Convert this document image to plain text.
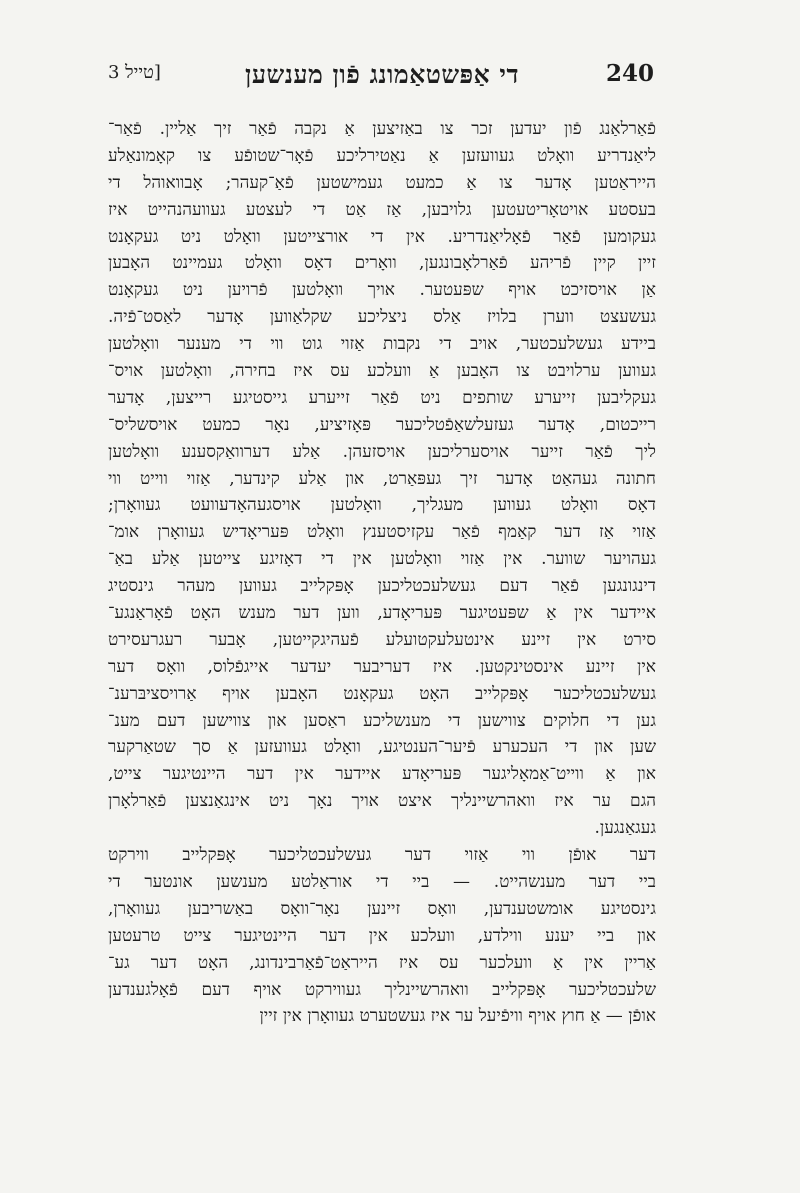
240
די אַפּשטאַמונג פֿון מענשען
[טייל 3
פֿאַרלאַנג פֿון יעדען זכר צו באַזיצען אַ נקבה פֿאַר זיך אַליין. פֿאַר־
ליאַנדריע וואָלט געוועזען אַ נאַטירליכע פֿאָר־שטופֿע צו קאָמונאַלע
הייראַטען אָדער צו אַ כמעט געמישטען פֿאַ־קעהר; אָבוואוהל די
בעסטע אויטאָריטעטען גלויבען, אַז אַט די לעצטע געוועהנהייט איז
געקומען פֿאַר פֿאָליאַנדריע. אין די אורצייטען וואָלט ניט געקאָנט
זיין קיין פֿריהע פֿאַרלאָבונגען, וואָרים דאָס וואָלט געמיינט האָבען
אַן אויסזיכט אויף שפּעטער. אויך וואָלטען פֿרויען ניט געקאָנט
געשעצט ווערן בלויז אַלס ניצליכע שקלאַווען אָדער לאַסט־פֿיה.
ביידע געשלעכטער, אויב די נקבות אַזוי גוט ווי די מענער וואָלטען
געווען ערלויבט צו האָבען אַ וועלכע עס איז בחירה, וואָלטען אויס־
געקליבען זייערע שותפים ניט פֿאַר זייערע גייסטיגע רייצען, אָדער
רייכטום, אָדער געזעלשאַפֿטליכער פּאָזיציע, נאָר כמעט אויסשליס־
ליך פֿאַר זייער אויסערליכען אויסזעהן. אַלע דערוואַקסענע וואָלטען
חתונה געהאַט אָדער זיך געפּאַרט, און אַלע קינדער, אַזוי ווייט ווי
דאָס וואָלט געווען מעגליך, וואָלטען אויסגעהאָדעוועט געוואָרן;
אַזוי אַז דער קאַמף פֿאַר עקזיסטענץ וואָלט פּעריאָדיש געוואָרן אומ־
געהויער שווער. אין אַזוי וואָלטען אין די דאָזיגע צייטען אַלע באַ־
דינגונגען פֿאַר דעם געשלעכטליכען אָפּקלייב געווען מעהר גינסטיג
איידער אין אַ שפּעטיגער פּעריאָדע, ווען דער מענש האָט פֿאָראַנגע־
סירט אין זיינע אינטעלעקטועלע פֿעהיגקייטען, אָבער רעגרעסירט
אין זיינע אינסטינקטען. איז דעריבער יעדער אייגפֿלוס, וואָס דער
געשלעכטליכער אָפּקלייב האָט געקאָנט האָבען אויף אַרויסציבּרענ־
גען די חלוקים צווישען די מענשליכע ראַסען און צווישען דעם מענ־
שען און די העכערע פֿיער־הענטיגע, וואָלט געוועזען אַ סך שטאַרקער
און אַ ווייט־אַמאָליגער פּעריאָדע איידער אין דער היינטיגער צייט,
הגם ער איז וואהרשיינליך איצט אויך נאָך ניט אינגאַנצען פֿאַרלאָרן
געגאַנגען.
דער אופֿן ווי אַזוי דער געשלעכטליכער אָפּקלייב ווירקט
ביי דער מענשהייט. — ביי די אוראַלטע מענשען אונטער די
גינסטיגע אומשטענדען, וואָס זיינען נאָר־וואָס באַשריבען געוואָרן,
און ביי יענע ווילדע, וועלכע אין דער היינטיגער צייט טרעטען
אַריין אין אַ וועלכער עס איז הייראַט־פֿאַרבינדונג, האָט דער גע־
שלעכטליכער אָפּקלייב וואהרשיינליך געווירקט אויף דעם פֿאָלגענדען
אופֿן — אַ חוץ אויף וויפֿיעל ער איז געשטערט געוואָרן אין זיין
